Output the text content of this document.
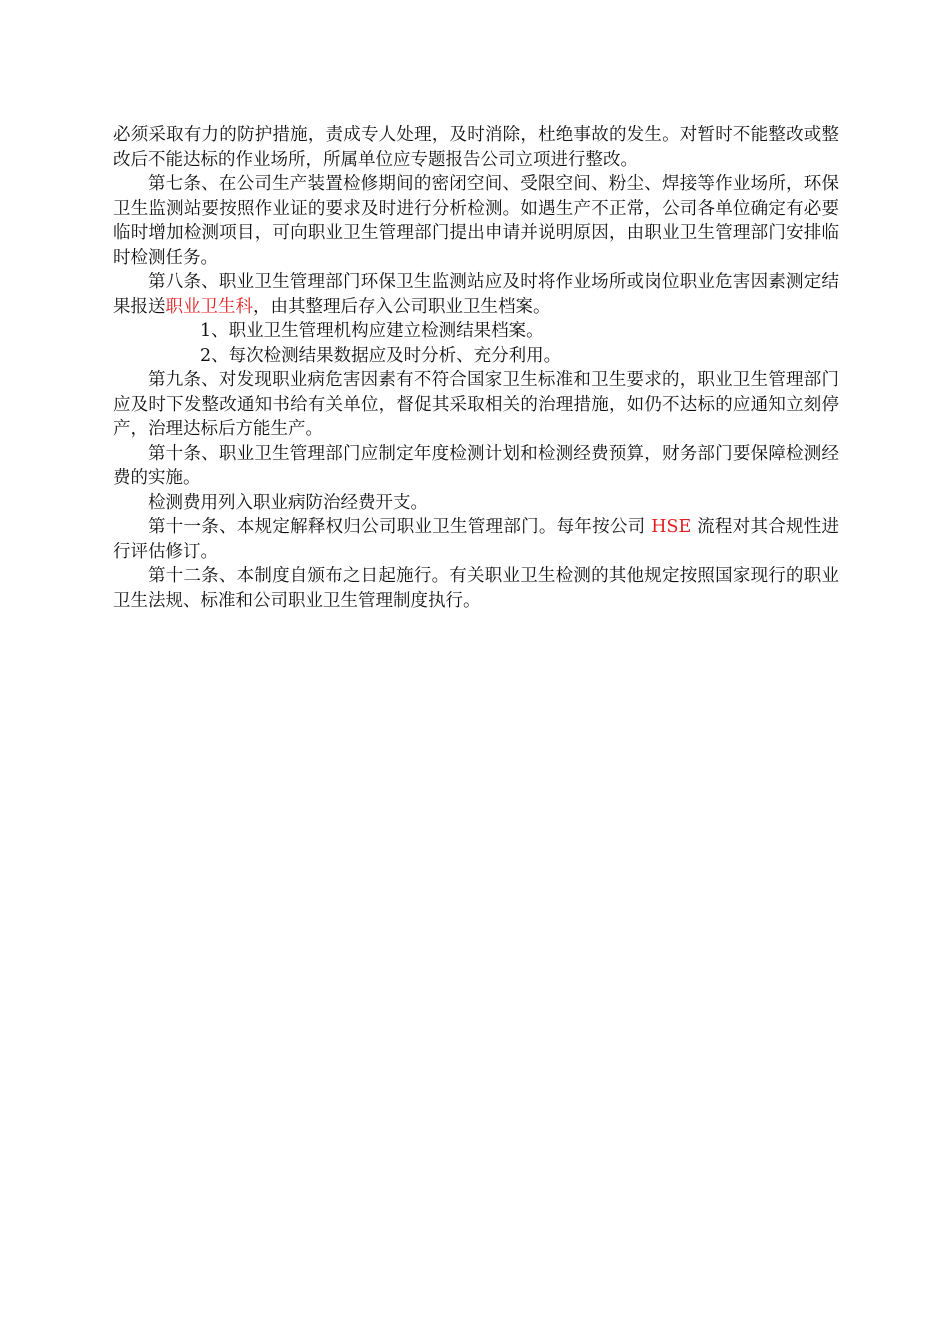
必须采取有力的防护措施，责成专人处理，及时消除，杜绝事故的发生。对暂时不能整改或整改后不能达标的作业场所，所属单位应专题报告公司立项进行整改。

第七条、在公司生产装置检修期间的密闭空间、受限空间、粉尘、焊接等作业场所，环保卫生监测站要按照作业证的要求及时进行分析检测。如遇生产不正常，公司各单位确定有必要临时增加检测项目，可向职业卫生管理部门提出申请并说明原因，由职业卫生管理部门安排临时检测任务。

第八条、职业卫生管理部门环保卫生监测站应及时将作业场所或岗位职业危害因素测定结果报送职业卫生科，由其整理后存入公司职业卫生档案。

1、职业卫生管理机构应建立检测结果档案。

2、每次检测结果数据应及时分析、充分利用。

第九条、对发现职业病危害因素有不符合国家卫生标准和卫生要求的，职业卫生管理部门应及时下发整改通知书给有关单位，督促其采取相关的治理措施，如仍不达标的应通知立刻停产，治理达标后方能生产。

第十条、职业卫生管理部门应制定年度检测计划和检测经费预算，财务部门要保障检测经费的实施。

检测费用列入职业病防治经费开支。

第十一条、本规定解释权归公司职业卫生管理部门。每年按公司 HSE 流程对其合规性进行评估修订。

第十二条、本制度自颁布之日起施行。有关职业卫生检测的其他规定按照国家现行的职业卫生法规、标准和公司职业卫生管理制度执行。
